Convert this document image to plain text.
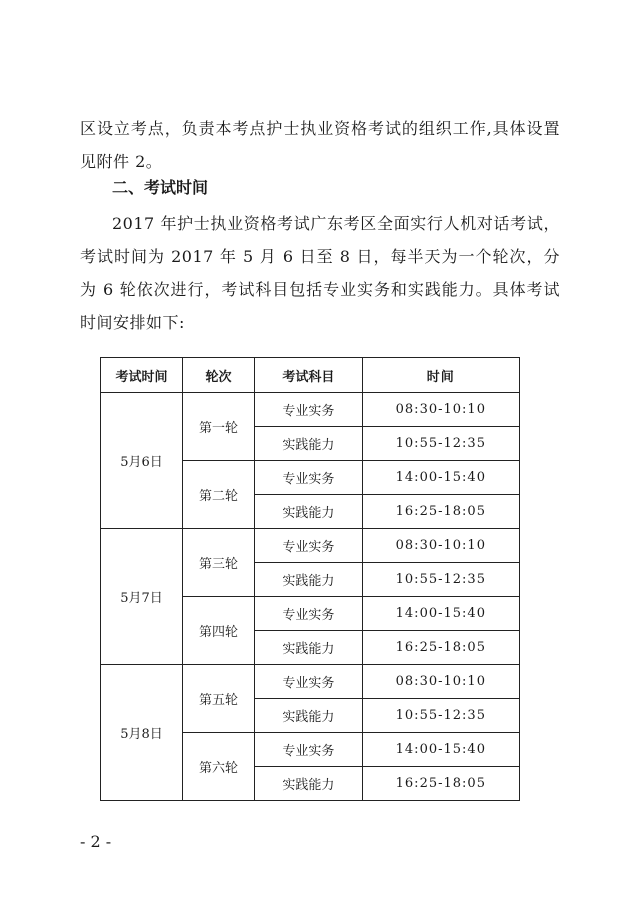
区设立考点，负责本考点护士执业资格考试的组织工作,具体设置见附件 2。

二、考试时间

2017 年护士执业资格考试广东考区全面实行人机对话考试，考试时间为 2017 年 5 月 6 日至 8 日，每半天为一个轮次，分为 6 轮依次进行，考试科目包括专业实务和实践能力。具体考试时间安排如下:

考试时间	轮次	考试科目	时间
5月6日	第一轮	专业实务	08:30-10:10
		实践能力	10:55-12:35
	第二轮	专业实务	14:00-15:40
		实践能力	16:25-18:05
5月7日	第三轮	专业实务	08:30-10:10
		实践能力	10:55-12:35
	第四轮	专业实务	14:00-15:40
		实践能力	16:25-18:05
5月8日	第五轮	专业实务	08:30-10:10
		实践能力	10:55-12:35
	第六轮	专业实务	14:00-15:40
		实践能力	16:25-18:05

- 2 -
